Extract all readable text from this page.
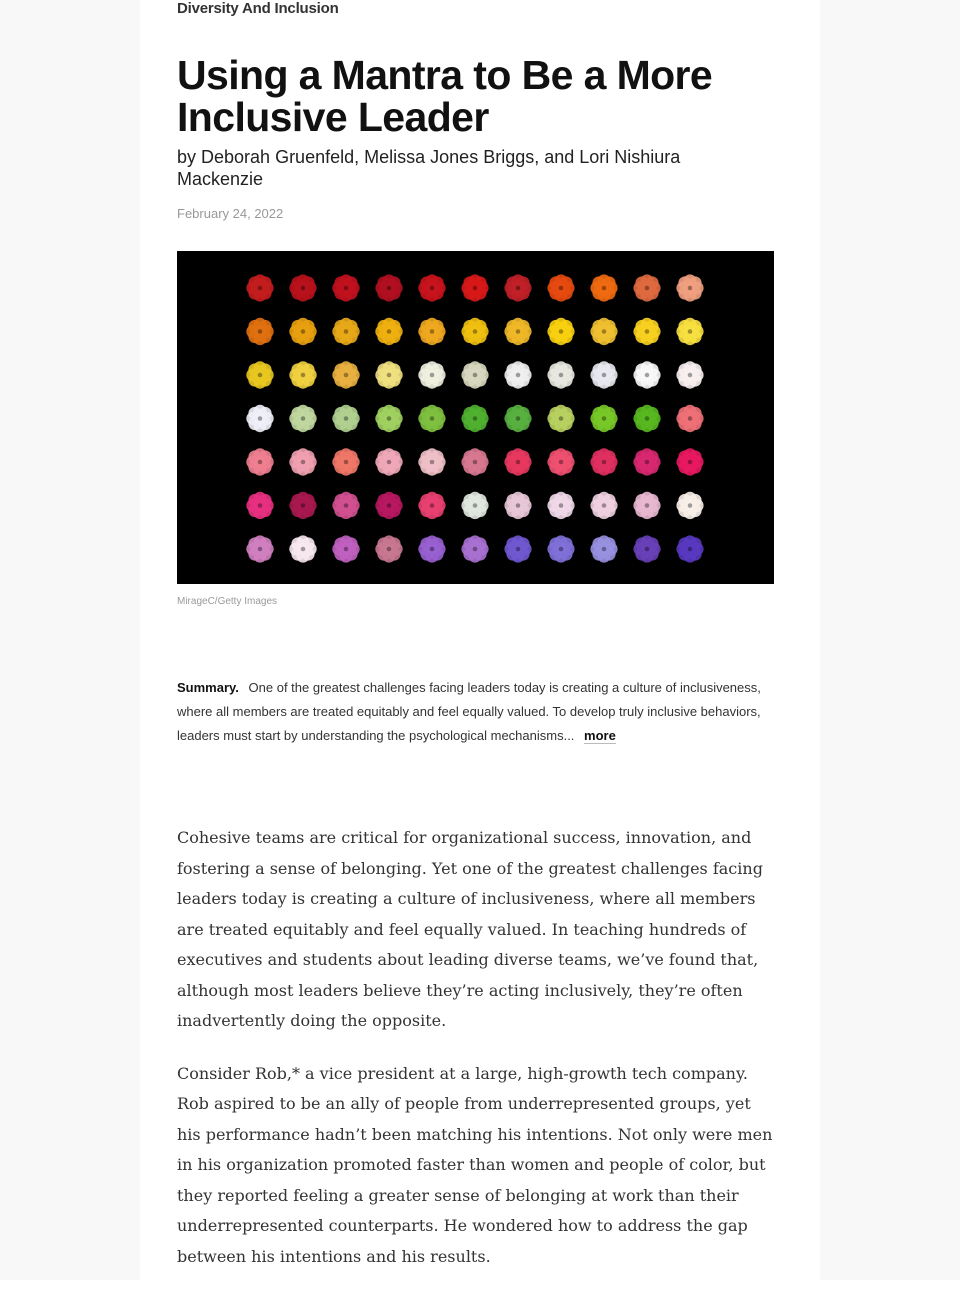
Diversity And Inclusion
Using a Mantra to Be a More Inclusive Leader
by Deborah Gruenfeld, Melissa Jones Briggs, and Lori Nishiura Mackenzie
February 24, 2022
MirageC/Getty Images
Summary. One of the greatest challenges facing leaders today is creating a culture of inclusiveness, where all members are treated equitably and feel equally valued. To develop truly inclusive behaviors, leaders must start by understanding the psychological mechanisms... more

Cohesive teams are critical for organizational success, innovation, and fostering a sense of belonging. Yet one of the greatest challenges facing leaders today is creating a culture of inclusiveness, where all members are treated equitably and feel equally valued. In teaching hundreds of executives and students about leading diverse teams, we’ve found that, although most leaders believe they’re acting inclusively, they’re often inadvertently doing the opposite.

Consider Rob,* a vice president at a large, high-growth tech company. Rob aspired to be an ally of people from underrepresented groups, yet his performance hadn’t been matching his intentions. Not only were men in his organization promoted faster than women and people of color, but they reported feeling a greater sense of belonging at work than their underrepresented counterparts. He wondered how to address the gap between his intentions and his results.
